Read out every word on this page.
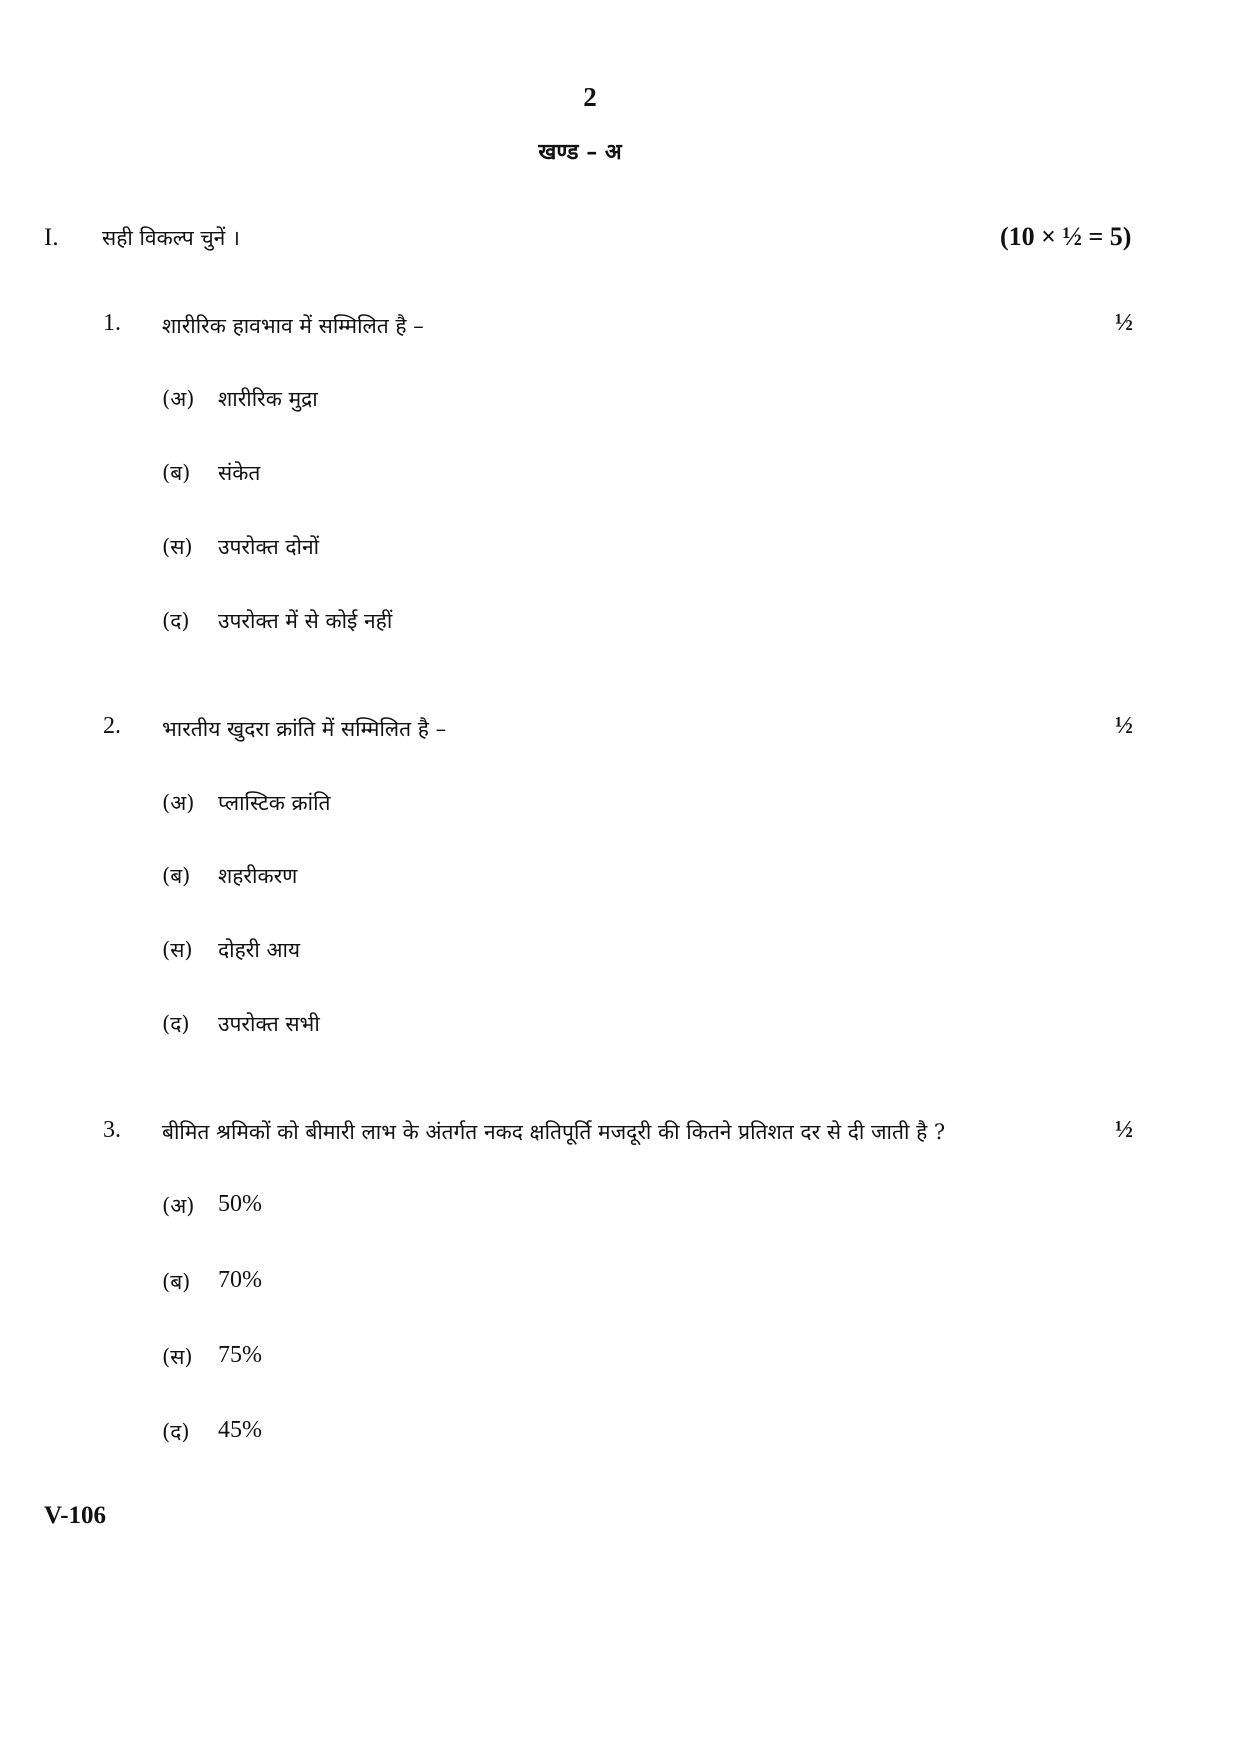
2
खण्ड – अ
I. सही विकल्प चुनें ।	(10 × ½ = 5)
1. शारीरिक हावभाव में सम्मिलित है –	½
(अ) शारीरिक मुद्रा
(ब) संकेत
(स) उपरोक्त दोनों
(द) उपरोक्त में से कोई नहीं
2. भारतीय खुदरा क्रांति में सम्मिलित है –	½
(अ) प्लास्टिक क्रांति
(ब) शहरीकरण
(स) दोहरी आय
(द) उपरोक्त सभी
3. बीमित श्रमिकों को बीमारी लाभ के अंतर्गत नकद क्षतिपूर्ति मजदूरी की कितने प्रतिशत दर से दी जाती है ?	½
(अ) 50%
(ब) 70%
(स) 75%
(द) 45%
V-106
